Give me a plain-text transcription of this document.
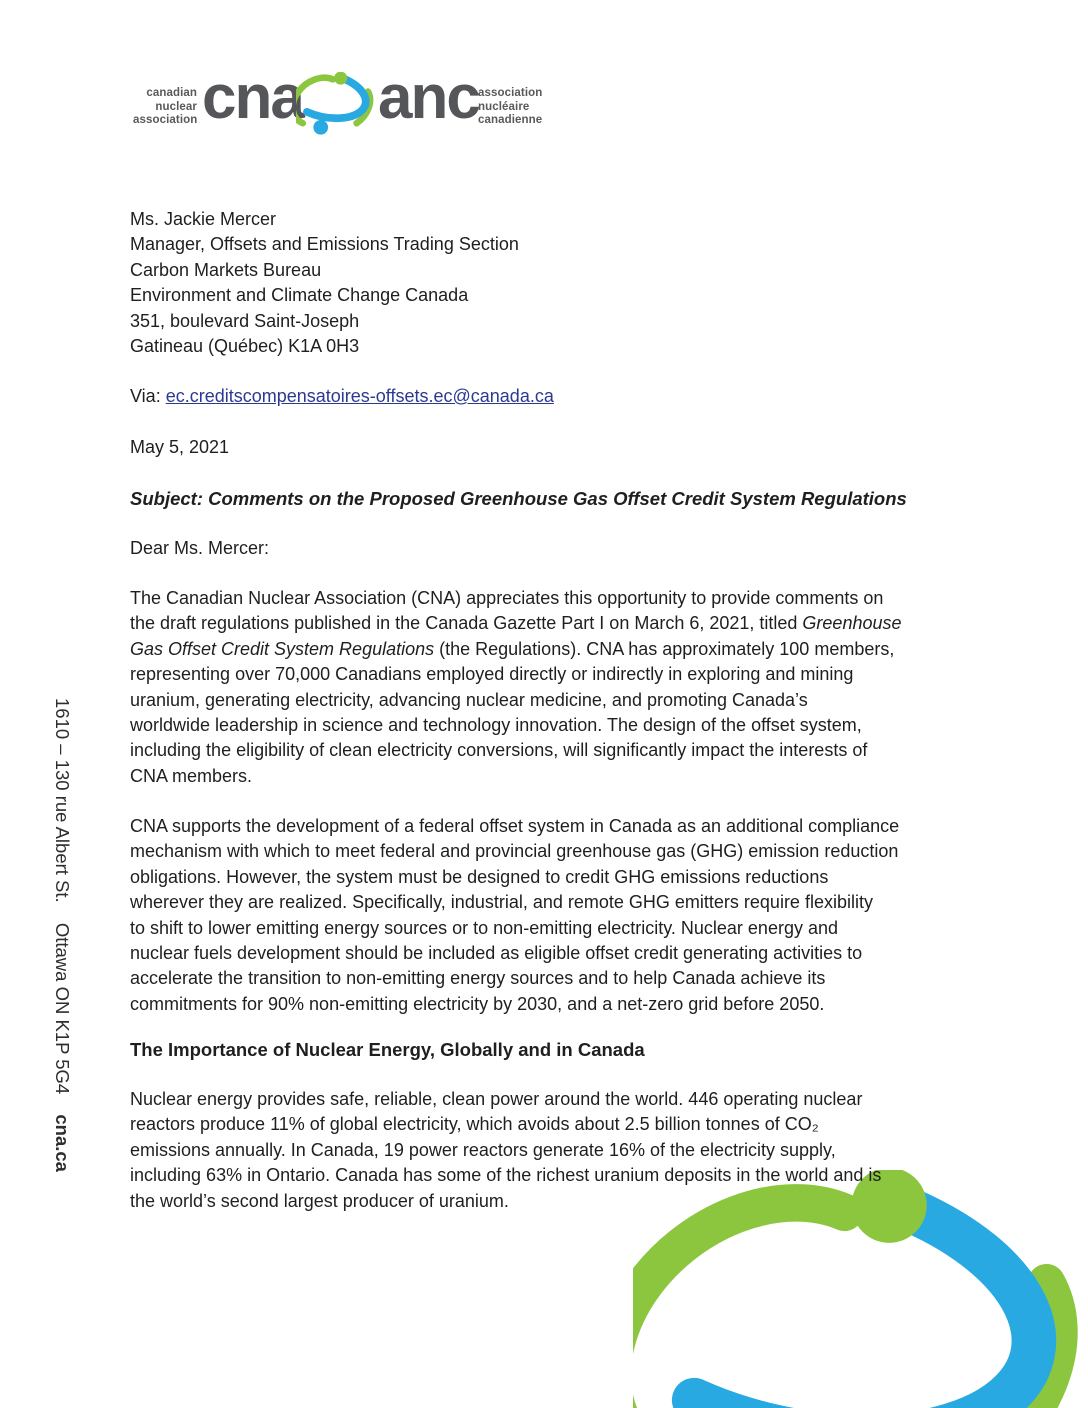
canadian
nuclear
association cna anc association
nucléaire
canadienne
1610 – 130 rue Albert St. Ottawa ON K1P 5G4 cna.ca
Ms. Jackie Mercer
Manager, Offsets and Emissions Trading Section
Carbon Markets Bureau
Environment and Climate Change Canada
351, boulevard Saint-Joseph
Gatineau (Québec) K1A 0H3
Via: ec.creditscompensatoires-offsets.ec@canada.ca
May 5, 2021
Subject: Comments on the Proposed Greenhouse Gas Offset Credit System Regulations
Dear Ms. Mercer:
The Canadian Nuclear Association (CNA) appreciates this opportunity to provide comments on
the draft regulations published in the Canada Gazette Part I on March 6, 2021, titled Greenhouse
Gas Offset Credit System Regulations (the Regulations). CNA has approximately 100 members,
representing over 70,000 Canadians employed directly or indirectly in exploring and mining
uranium, generating electricity, advancing nuclear medicine, and promoting Canada’s
worldwide leadership in science and technology innovation. The design of the offset system,
including the eligibility of clean electricity conversions, will significantly impact the interests of
CNA members.
CNA supports the development of a federal offset system in Canada as an additional compliance
mechanism with which to meet federal and provincial greenhouse gas (GHG) emission reduction
obligations. However, the system must be designed to credit GHG emissions reductions
wherever they are realized. Specifically, industrial, and remote GHG emitters require flexibility
to shift to lower emitting energy sources or to non-emitting electricity. Nuclear energy and
nuclear fuels development should be included as eligible offset credit generating activities to
accelerate the transition to non-emitting energy sources and to help Canada achieve its
commitments for 90% non-emitting electricity by 2030, and a net-zero grid before 2050.
The Importance of Nuclear Energy, Globally and in Canada
Nuclear energy provides safe, reliable, clean power around the world. 446 operating nuclear
reactors produce 11% of global electricity, which avoids about 2.5 billion tonnes of CO₂
emissions annually. In Canada, 19 power reactors generate 16% of the electricity supply,
including 63% in Ontario. Canada has some of the richest uranium deposits in the world and is
the world’s second largest producer of uranium.
